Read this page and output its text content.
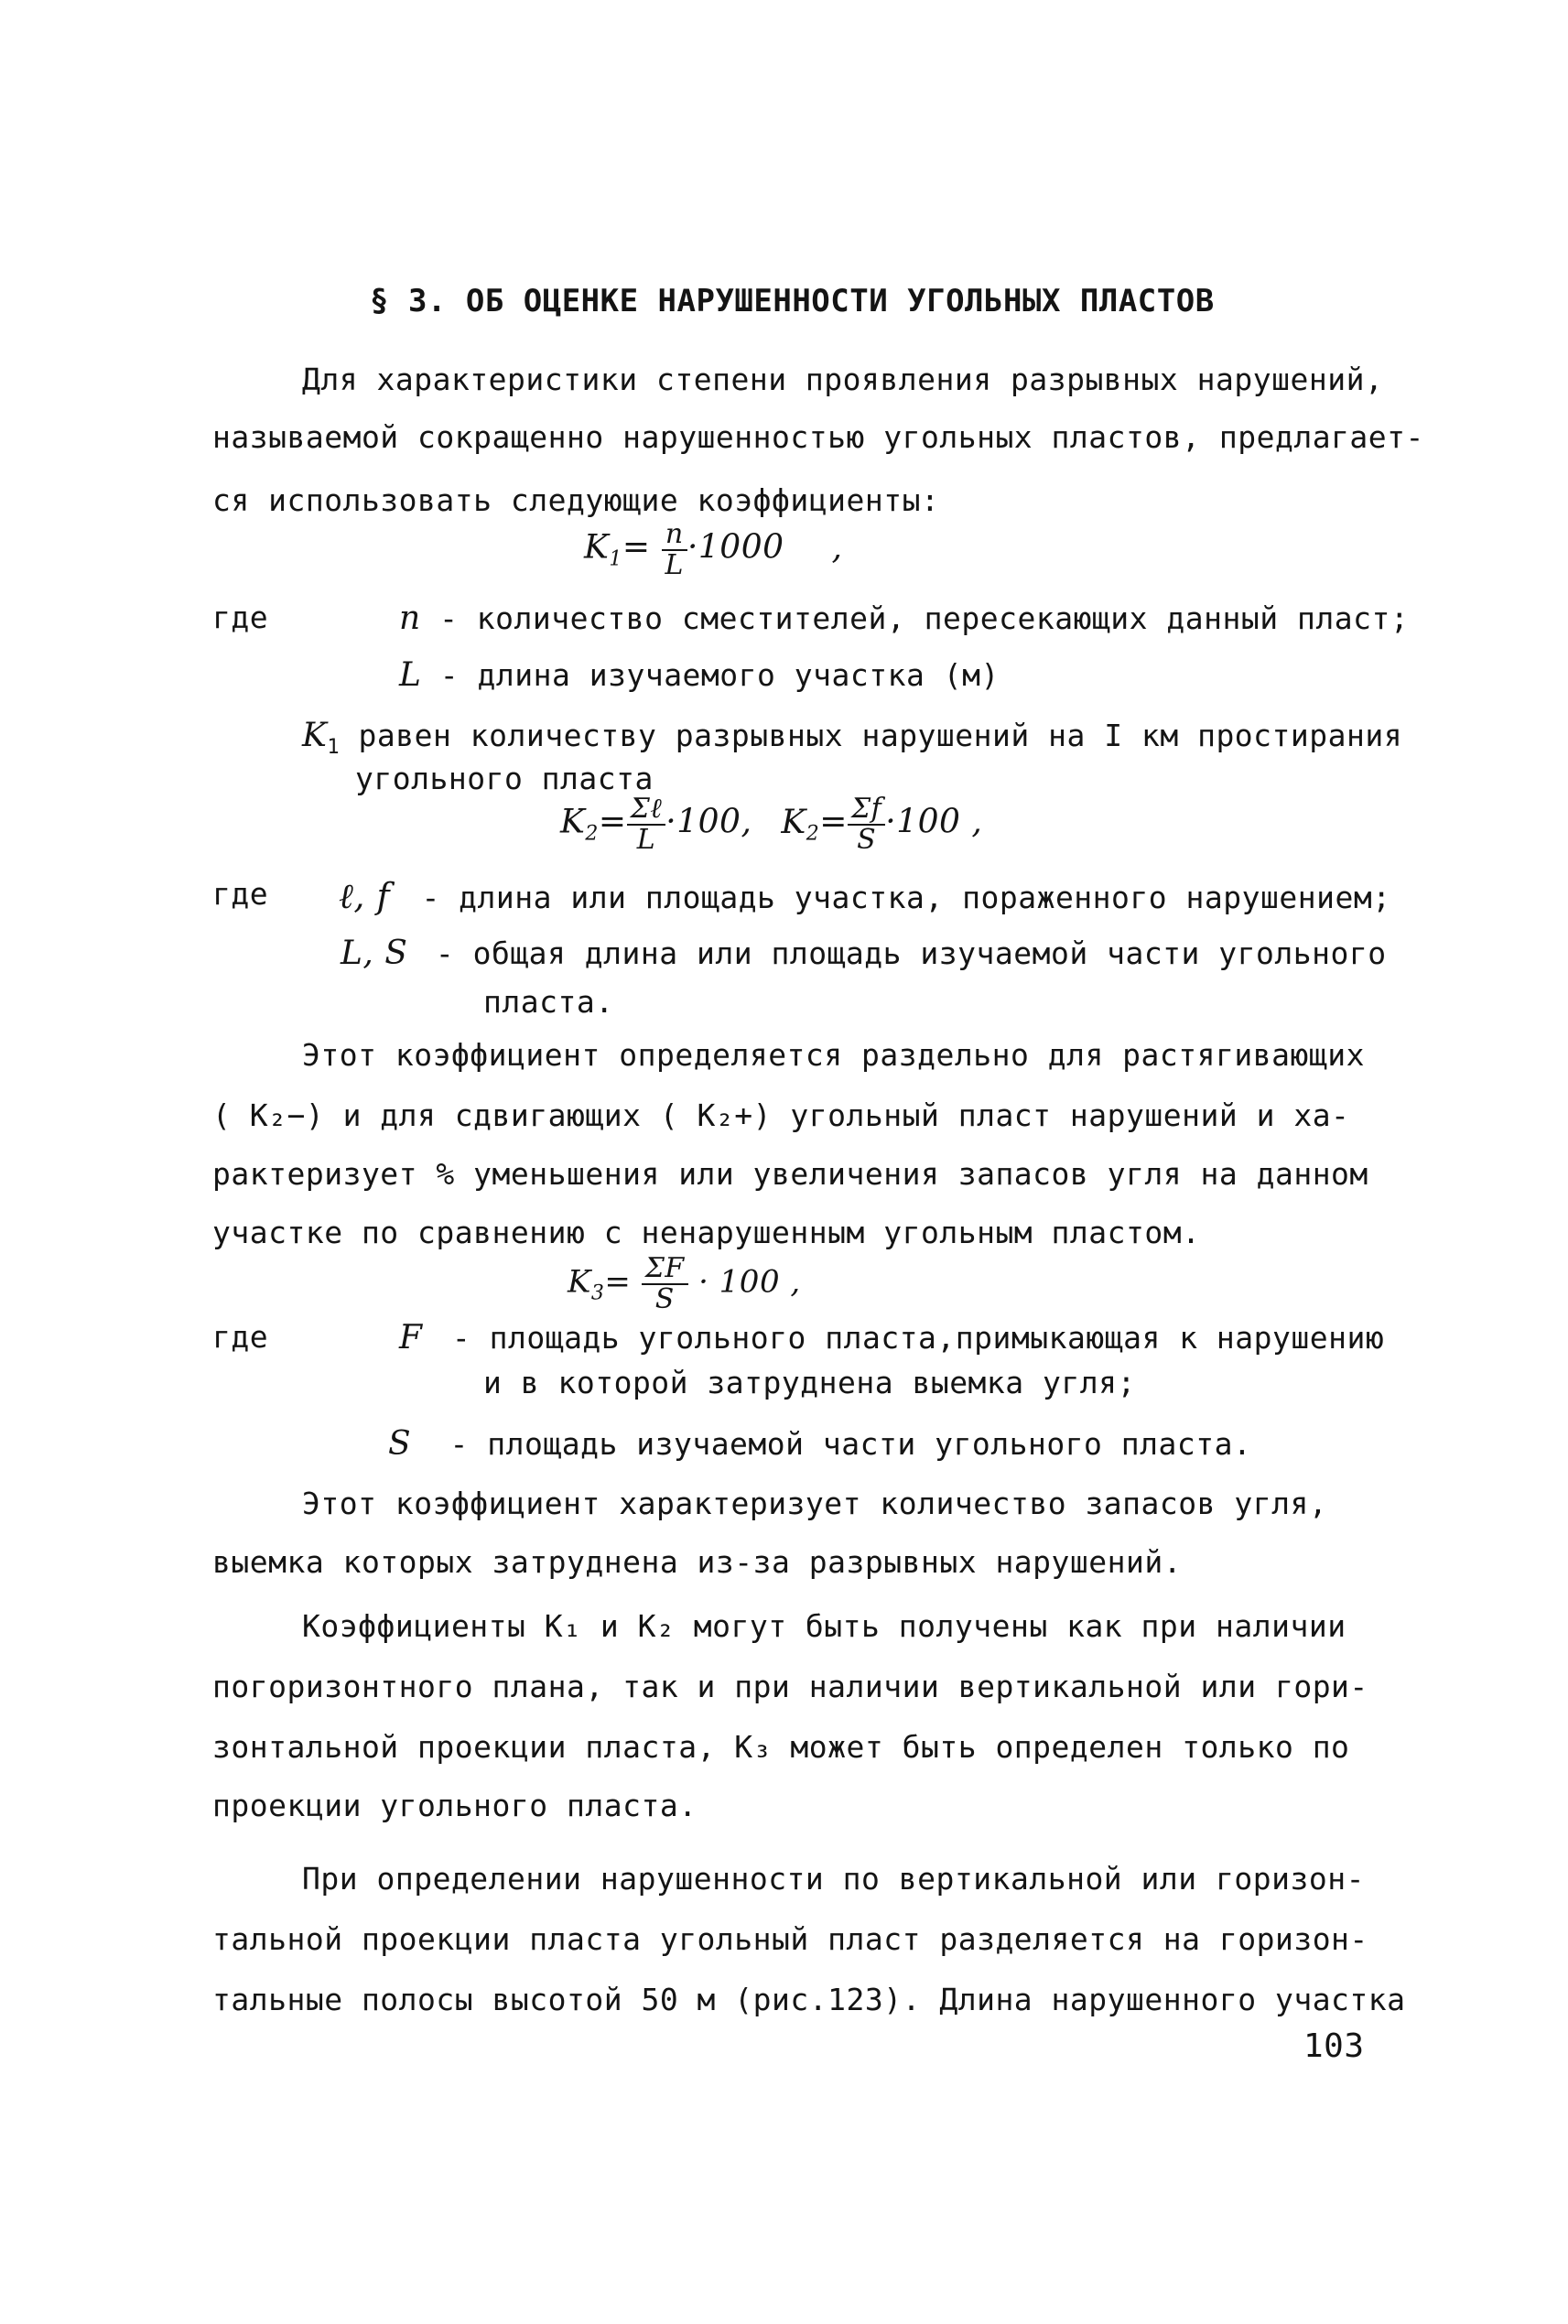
§ 3. ОБ ОЦЕНКЕ НАРУШЕННОСТИ УГОЛЬНЫХ ПЛАСТОВ
Для характеристики степени проявления разрывных нарушений,
называемой сокращенно нарушенностью угольных пластов, предлагает-
ся использовать следующие коэффициенты:
$K_1= \frac{n}{L} \cdot 1000$ ,
где	n - количество сместителей, пересекающих данный пласт;
L - длина изучаемого участка (м)
$K_1$ равен количеству разрывных нарушений на I км простирания
угольного пласта
$K_2= \frac{\text{Σℓ}}{L} \cdot 100$, $K_2= \frac{\Sigma f}{S} \cdot 100$ ,
где ℓ, f - длина или площадь участка, пораженного нарушением;
L, S - общая длина или площадь изучаемой части угольного
пласта.
Этот коэффициент определяется раздельно для растягивающих
( K₂−) и для сдвигающих ( K₂+) угольный пласт нарушений и ха-
рактеризует % уменьшения или увеличения запасов угля на данном
участке по сравнению с ненарушенным угольным пластом.
$K_3= \frac{\Sigma F}{S} \cdot 100$ ,
где	F - площадь угольного пласта,примыкающая к нарушению
и в которой затруднена выемка угля;
S - площадь изучаемой части угольного пласта.
Этот коэффициент характеризует количество запасов угля,
выемка которых затруднена из-за разрывных нарушений.
Коэффициенты K₁ и K₂ могут быть получены как при наличии
погоризонтного плана, так и при наличии вертикальной или гори-
зонтальной проекции пласта, K₃ может быть определен только по
проекции угольного пласта.
При определении нарушенности по вертикальной или горизон-
тальной проекции пласта угольный пласт разделяется на горизон-
тальные полосы высотой 50 м (рис.123). Длина нарушенного участка
103
